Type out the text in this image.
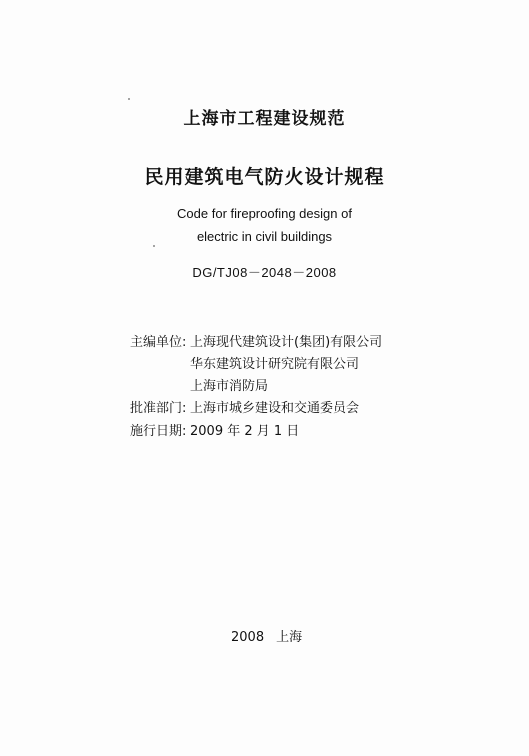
上海市工程建设规范
民用建筑电气防火设计规程
Code for fireproofing design of
electric in civil buildings
DG/TJ08－2048－2008
主编单位: 上海现代建筑设计(集团)有限公司
华东建筑设计研究院有限公司
上海市消防局
批准部门: 上海市城乡建设和交通委员会
施行日期: 2009 年 2 月 1 日
2008 上海
